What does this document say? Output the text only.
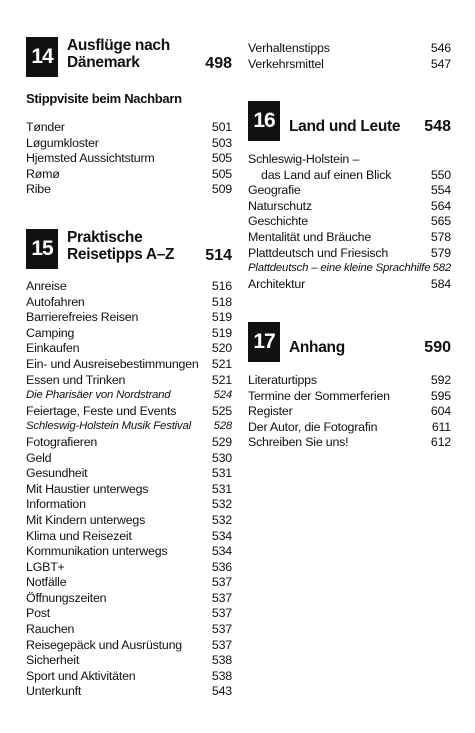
14 Ausflüge nach
Dänemark	498
Stippvisite beim Nachbarn
Tønder	501
Løgumkloster	503
Hjemsted Aussichtsturm	505
Rømø	505
Ribe	509
15 Praktische
Reisetipps A–Z 514
Anreise	516
Autofahren	518
Barrierefreies Reisen	519
Camping	519
Einkaufen	520
Ein- und Ausreisebestimmungen 521
Essen und Trinken	521
Die Pharisäer von Nordstrand	524
Feiertage, Feste und Events	525
Schleswig-Holstein Musik Festival 528
Fotografieren	529
Geld	530
Gesundheit	531
Mit Haustier unterwegs	531
Information	532
Mit Kindern unterwegs	532
Klima und Reisezeit	534
Kommunikation unterwegs	534
LGBT+	536
Notfälle	537
Öffnungszeiten	537
Post	537
Rauchen	537
Reisegepäck und Ausrüstung 537
Sicherheit	538
Sport und Aktivitäten	538
Unterkunft	543
Verhaltenstipps	546
Verkehrsmittel	547
16 Land und Leute 548
Schleswig-Holstein –
das Land auf einen Blick	550
Geografie	554
Naturschutz	564
Geschichte	565
Mentalität und Bräuche	578
Plattdeutsch und Friesisch	579
Plattdeutsch – eine kleine Sprachhilfe 582
Architektur	584
17 Anhang	590
Literaturtipps	592
Termine der Sommerferien	595
Register	604
Der Autor, die Fotografin	611
Schreiben Sie uns!	612
